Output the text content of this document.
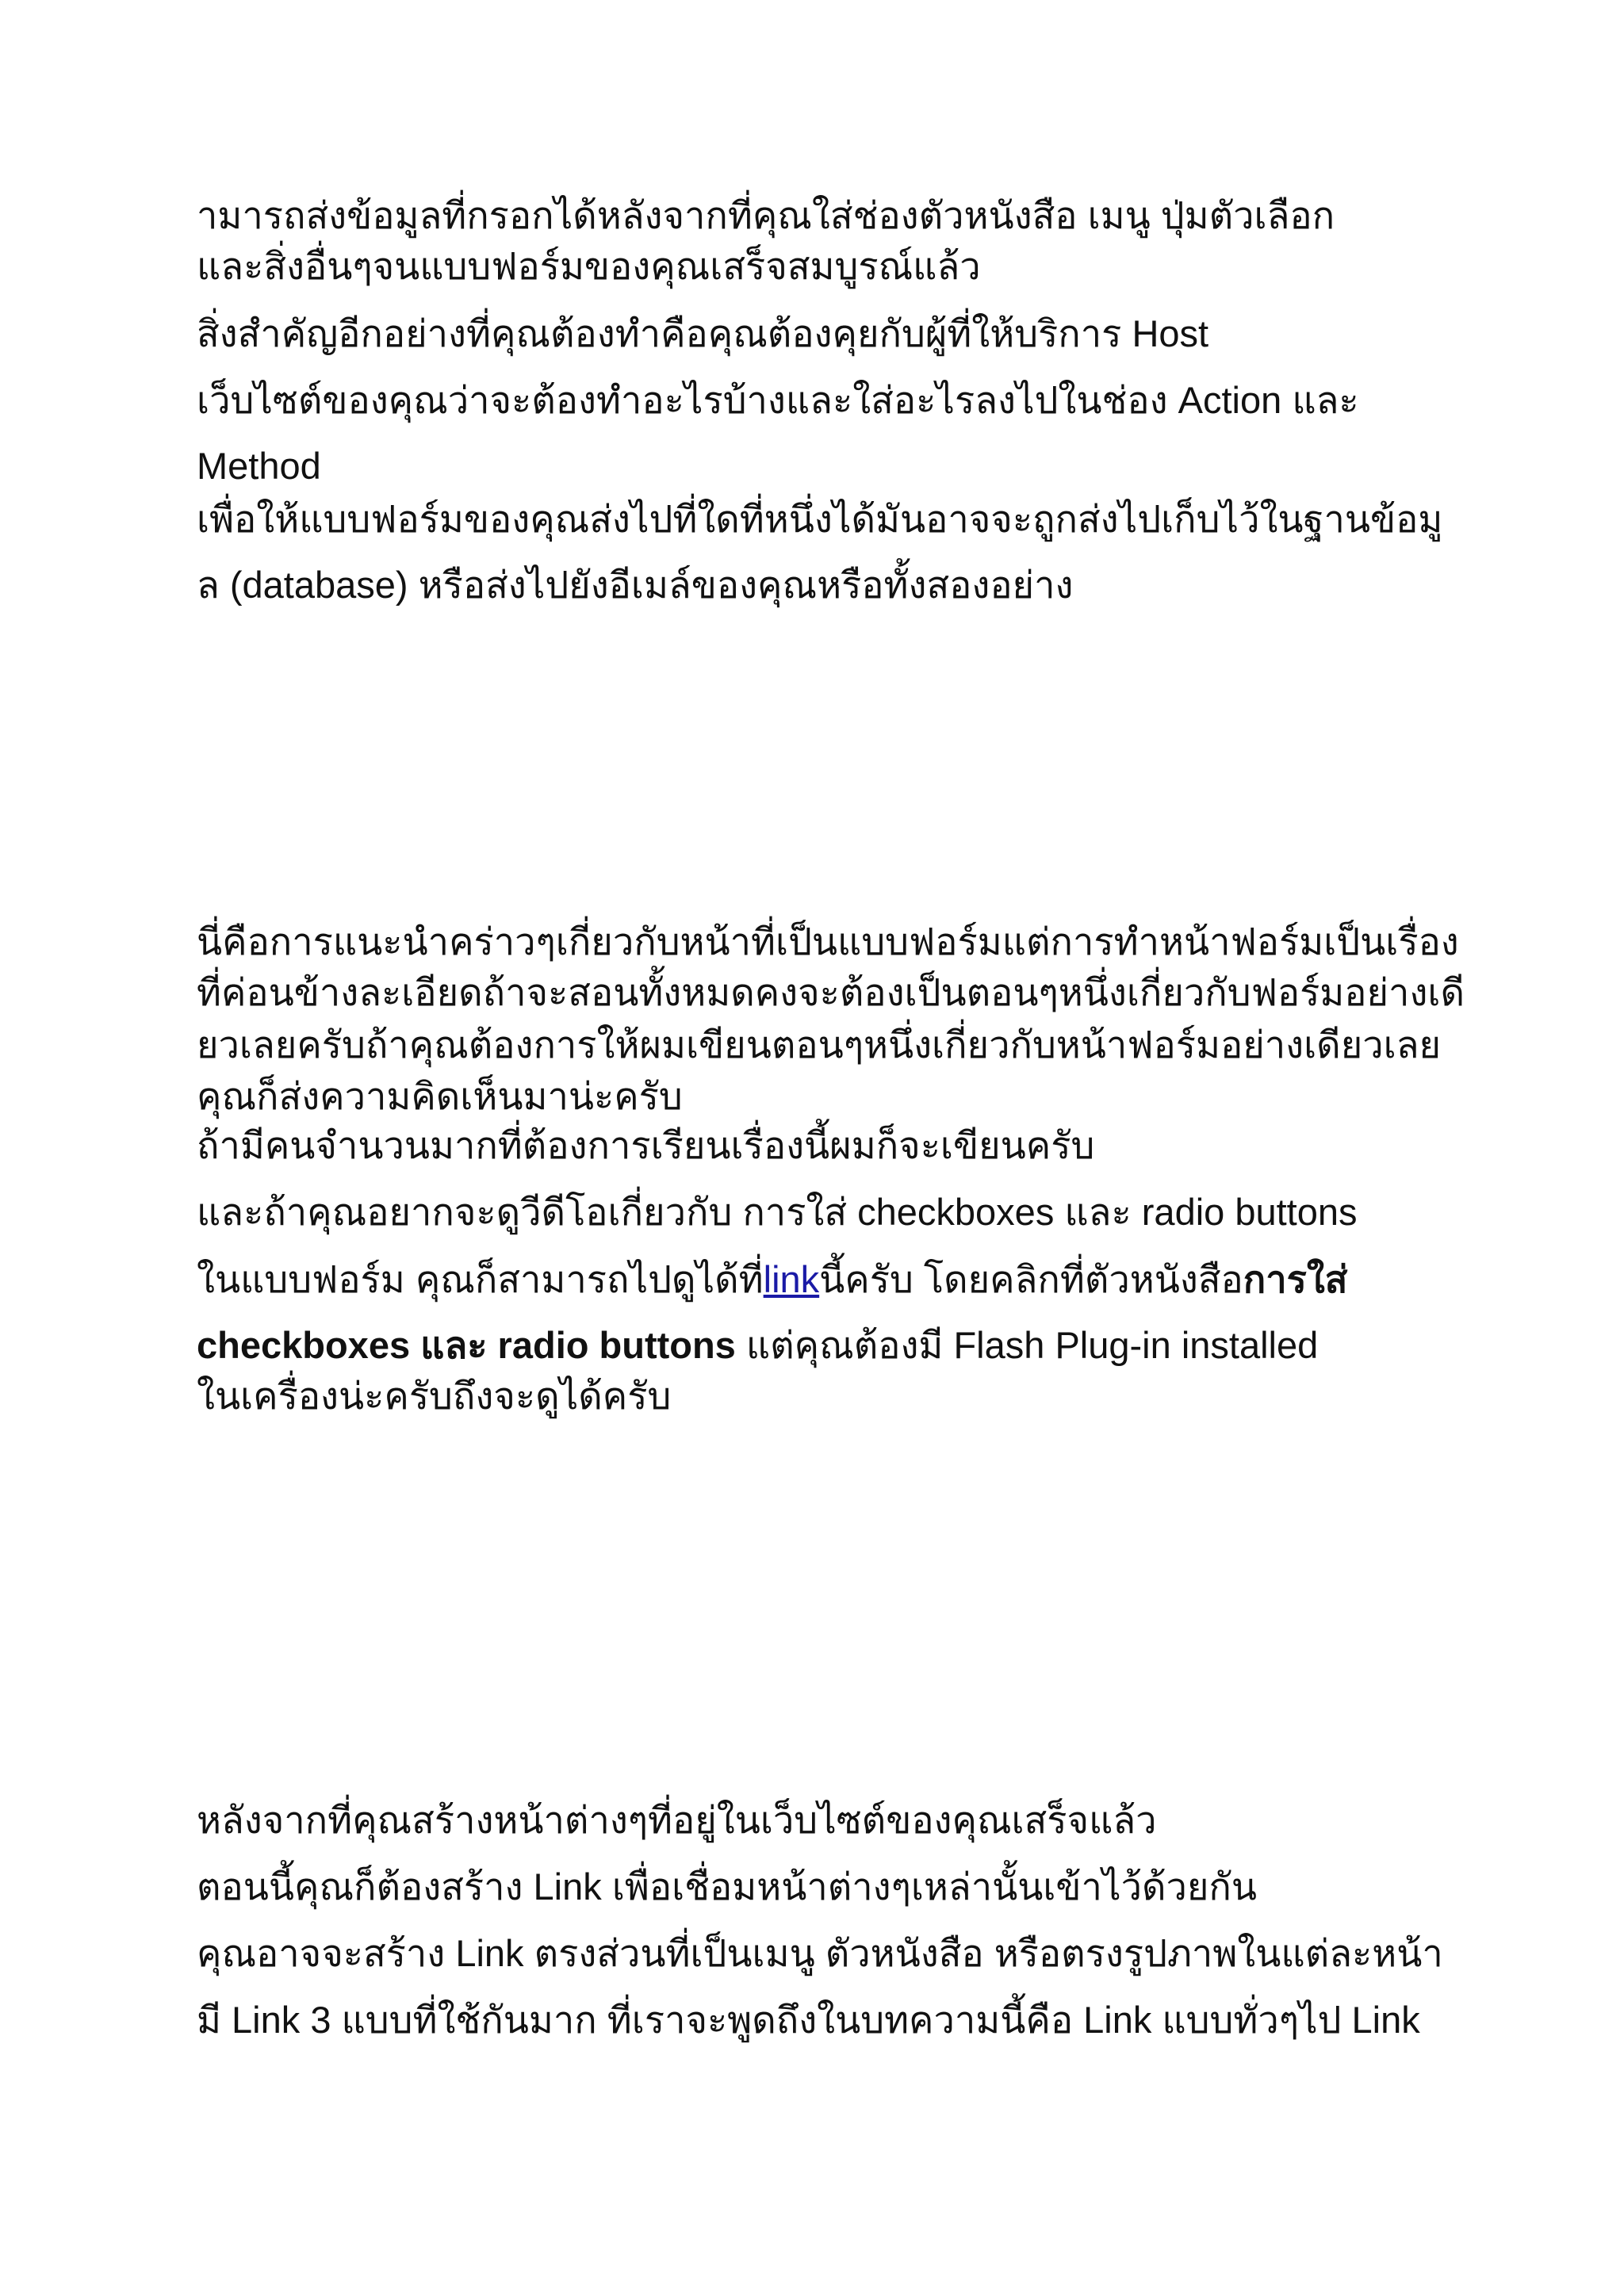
ามารถส่งข้อมูลที่กรอกได้หลังจากที่คุณใส่ช่องตัวหนังสือ เมนู ปุ่มตัวเลือก

และสิ่งอื่นๆจนแบบฟอร์มของคุณเสร็จสมบูรณ์แล้ว

สิ่งสำคัญอีกอย่างที่คุณต้องทำคือคุณต้องคุยกับผู้ที่ให้บริการ Host

เว็บไซต์ของคุณว่าจะต้องทำอะไรบ้างและใส่อะไรลงไปในช่อง Action และ

Method

เพื่อให้แบบฟอร์มของคุณส่งไปที่ใดที่หนึ่งได้มันอาจจะถูกส่งไปเก็บไว้ในฐานข้อมู

ล (database) หรือส่งไปยังอีเมล์ของคุณหรือทั้งสองอย่าง

นี่คือการแนะนำคร่าวๆเกี่ยวกับหน้าที่เป็นแบบฟอร์มแต่การทำหน้าฟอร์มเป็นเรื่อง

ที่ค่อนข้างละเอียดถ้าจะสอนทั้งหมดคงจะต้องเป็นตอนๆหนึ่งเกี่ยวกับฟอร์มอย่างเดี

ยวเลยครับถ้าคุณต้องการให้ผมเขียนตอนๆหนึ่งเกี่ยวกับหน้าฟอร์มอย่างเดียวเลย

คุณก็ส่งความคิดเห็นมาน่ะครับ

ถ้ามีคนจำนวนมากที่ต้องการเรียนเรื่องนี้ผมก็จะเขียนครับ

และถ้าคุณอยากจะดูวีดีโอเกี่ยวกับ การใส่ checkboxes และ radio buttons

ในแบบฟอร์ม คุณก็สามารถไปดูได้ที่linkนี้ครับ โดยคลิกที่ตัวหนังสือการใส่

checkboxes และ radio buttons แต่คุณต้องมี Flash Plug-in installed

ในเครื่องน่ะครับถึงจะดูได้ครับ

หลังจากที่คุณสร้างหน้าต่างๆที่อยู่ในเว็บไซต์ของคุณเสร็จแล้ว

ตอนนี้คุณก็ต้องสร้าง Link เพื่อเชื่อมหน้าต่างๆเหล่านั้นเข้าไว้ด้วยกัน

คุณอาจจะสร้าง Link ตรงส่วนที่เป็นเมนู ตัวหนังสือ หรือตรงรูปภาพในแต่ละหน้า

มี Link 3 แบบที่ใช้กันมาก ที่เราจะพูดถึงในบทความนี้คือ Link แบบทั่วๆไป Link
